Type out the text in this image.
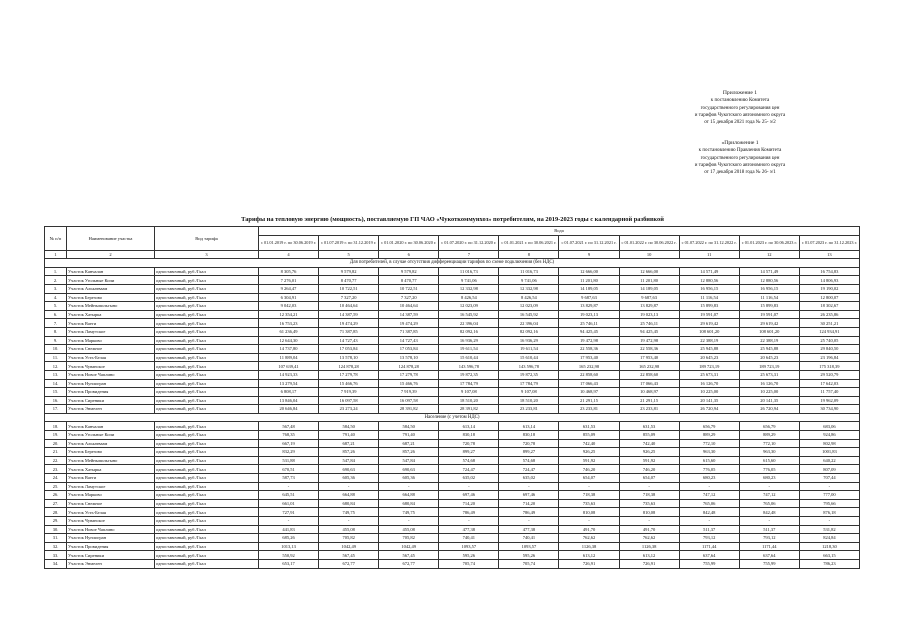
Приложение 1
к постановлению Комитета
государственного регулирования цен
и тарифов Чукотского автономного округа
от 15 декабря 2021 года № 25- э/2
«Приложение 1
к постановлению Правления Комитета
государственного регулирования цен
и тарифов Чукотского автономного округа
от 17 декабря 2018 года № 26- э/1
Тарифы на тепловую энергию (мощность), поставляемую ГП ЧАО «Чукоткоммунхоз» потребителям, на 2019-2023 годы с календарной разбивкой
№ п/п	Наименование участка	Вид тарифа	Вода									
			с 01.01.2019 г. по 30.06.2019 г.	с 01.07.2019 г. по 31.12.2019 г.	с 01.01.2020 г. по 30.06.2020 г.	с 01.07.2020 г. по 31.12.2020 г.	с 01.01.2021 г. по 30.06.2021 г.	с 01.07.2021 г. по 31.12.2021 г.	с 01.01.2022 г. по 30.06.2022 г.	с 01.07.2022 г. по 31.12.2022 г.	с 01.01.2023 г. по 30.06.2023 г.	с 01.07.2023 г. по 31.12.2023 г.
1	2	3	4	5	6	7	8	9	10	11	12	13
Для потребителей, в случае отсутствия дифференциации тарифов по схеме подключения (без НДС)												
1.	Участок Канчалан	одноставочный, руб./Гкал	8 305,76	9 579,82	9 579,82	11 016,73	11 016,73	12 666,00	12 666,00	14 571,49	14 571,49	16 754,83
2.	Участок Угольные Копи	одноставочный, руб./Гкал	7 276,01	8 470,77	8 470,77	9 741,06	9 741,06	11 201,80	11 201,80	12 880,56	12 880,56	14 806,93
3.	Участок Алькатваам	одноставочный, руб./Гкал	9 264,47	10 722,51	10 722,51	12 332,98	12 332,98	14 189,05	14 189,05	16 956,15	16 956,15	19 190,02
4.	Участок Березово	одноставочный, руб./Гкал	6 304,91	7 327,20	7 327,20	8 426,54	8 426,54	9 687,63	9 687,63	11 116,54	11 116,54	12 800,07
5.	Участок Мейныпильгыно	одноставочный, руб./Гкал	9 042,03	10 464,64	10 464,64	12 023,09	12 023,09	13 829,87	13 829,87	15 899,83	15 899,83	18 302,67
6.	Участок Хатырка	одноставочный, руб./Гкал	12 354,21	14 387,59	14 387,59	16 545,92	16 545,92	19 023,13	19 023,13	19 591,07	19 591,07	26 235,86
7.	Участок Ваеги	одноставочный, руб./Гкал	16 753,23	19 474,29	19 474,29	22 396,04	22 396,04	25 746,11	25 746,11	29 619,42	29 619,42	30 251,21
8.	Участок Ламутское	одноставочный, руб./Гкал	61 236,49	71 387,85	71 387,85	82 092,16	82 092,16	94 425,45	94 425,45	108 601,20	108 601,20	124 934,91
9.	Участок Марково	одноставочный, руб./Гкал	12 644,30	14 727,43	14 727,43	16 936,29	16 936,29	19 472,98	19 472,98	22 388,19	22 388,19	25 740,05
10.	Участок Снежное	одноставочный, руб./Гкал	14 737,80	17 053,84	17 053,84	19 611,54	19 611,54	22 558,36	22 558,36	25 945,88	25 945,88	29 840,50
11.	Участок Усть-Белая	одноставочный, руб./Гкал	11 889,04	13 578,10	13 578,10	15 610,44	15 610,44	17 953,40	17 953,40	20 645,23	20 645,23	23 196,84
12.	Участок Чуванское	одноставочный, руб./Гкал	107 639,41	124 878,28	124 878,28	143 596,78	143 596,78	165 232,98	165 232,98	189 723,19	189 723,19	175 318,39
13.	Участок Новое Чаплино	одноставочный, руб./Гкал	14 923,33	17 279,78	17 279,78	19 872,35	19 872,35	22 858,60	22 858,60	25 673,31	25 673,31	29 520,79
14.	Участок Нунлигран	одноставочный, руб./Гкал	13 279,54	15 466,76	15 466,76	17 784,79	17 784,79	17 066,43	17 066,43	16 126,70	16 126,70	17 642,03
15.	Участок Провидения	одноставочный, руб./Гкал	6 808,17	7 919,39	7 919,39	9 107,08	9 107,08	10 468,97	10 468,97	10 225,00	10 225,00	11 757,40
16.	Участок Сиреники	одноставочный, руб./Гкал	13 846,04	16 097,58	16 097,58	18 510,20	18 510,20	21 291,15	21 291,15	20 141,35	20 141,35	19 962,09
17.	Участок Энмелен	одноставочный, руб./Гкал	20 646,84	23 273,24	28 391,82	28 391,82	23 233,81	23 233,81	23 233,81	26 720,94	26 720,94	30 734,90
Население (с учетом НДС)												
18.	Участок Канчалан	одноставочный, руб./Гкал	567,48	584,50	584,50	613,14	613,14	631,53	631,53	656,79	656,79	683,06
19.	Участок Угольные Копи	одноставочный, руб./Гкал	768,35	791,40	791,40	830,18	830,18	855,09	855,09	889,29	889,29	924,86
20.	Участок Алькатваам	одноставочный, руб./Гкал	667,19	687,21	687,21	720,78	720,78	742,40	742,40	772,10	772,10	802,98
21.	Участок Березово	одноставочный, руб./Гкал	832,29	857,26	857,26	899,27	899,27	926,25	926,25	963,30	963,30	1001,83
22.	Участок Мейныпильгыно	одноставочный, руб./Гкал	531,88	547,84	547,84	574,68	574,68	591,92	591,92	615,60	615,60	640,22
23.	Участок Хатырка	одноставочный, руб./Гкал	670,51	690,63	690,63	724,47	724,47	746,20	746,20	776,05	776,05	807,09
24.	Участок Ваеги	одноставочный, руб./Гкал	587,73	605,36	605,36	635,02	635,02	654,07	654,07	680,23	680,23	707,44
25.	Участок Ламутское	одноставочный, руб./Гкал	-	-	-	-	-	-	-	-	-	-
26.	Участок Марково	одноставочный, руб./Гкал	645,51	664,88	664,88	697,46	697,46	718,38	718,38	747,12	747,12	777,00
27.	Участок Снежное	одноставочный, руб./Гкал	661,01	680,84	680,84	714,20	714,20	735,63	735,63	765,06	765,06	795,66
28.	Участок Усть-Белая	одноставочный, руб./Гкал	727,91	749,75	749,75	786,49	786,49	810,08	810,08	842,48	842,48	876,18
29.	Участок Чуванское	одноставочный, руб./Гкал	-	-	-	-	-	-	-	-	-	-
30.	Участок Новое Чаплино	одноставочный, руб./Гкал	441,83	455,08	455,08	477,38	477,38	491,70	491,70	511,37	511,37	531,82
31.	Участок Нунлигран	одноставочный, руб./Гкал	685,26	705,82	705,82	740,41	740,41	762,62	762,62	793,12	793,12	824,84
32.	Участок Провидения	одноставочный, руб./Гкал	1013,13	1042,49	1042,49	1093,57	1093,57	1126,38	1126,38	1171,44	1171,44	1218,30
33.	Участок Сиреники	одноставочный, руб./Гкал	550,92	567,45	567,45	595,26	595,26	613,12	613,12	637,64	637,64	663,15
34.	Участок Энмелен	одноставочный, руб./Гкал	653,17	672,77	672,77	705,74	705,74	726,91	726,91	755,99	755,99	786,23
